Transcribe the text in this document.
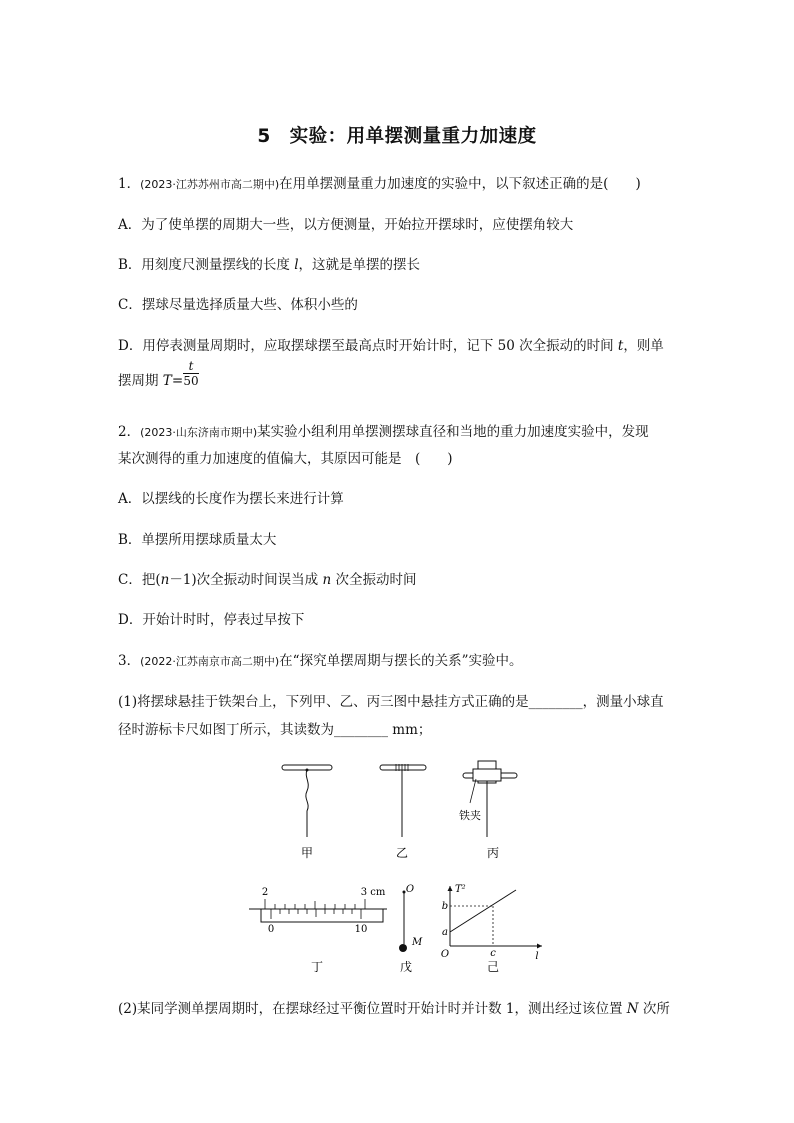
5　实验：用单摆测量重力加速度
1．(2023·江苏苏州市高二期中)在用单摆测量重力加速度的实验中，以下叙述正确的是(　　)
A．为了使单摆的周期大一些，以方便测量，开始拉开摆球时，应使摆角较大
B．用刻度尺测量摆线的长度 l，这就是单摆的摆长
C．摆球尽量选择质量大些、体积小些的
D．用停表测量周期时，应取摆球摆至最高点时开始计时，记下 50 次全振动的时间 t，则单
摆周期 $T= \frac{t}{50}$
2．(2023·山东济南市期中)某实验小组利用单摆测摆球直径和当地的重力加速度实验中，发现
某次测得的重力加速度的值偏大，其原因可能是　(　　)
A．以摆线的长度作为摆长来进行计算
B．单摆所用摆球质量太大
C．把(n－1)次全振动时间误当成 n 次全振动时间
D．开始计时时，停表过早按下
3．(2022·江苏南京市高二期中)在“探究单摆周期与摆长的关系”实验中。
(1)将摆球悬挂于铁架台上，下列甲、乙、丙三图中悬挂方式正确的是________，测量小球直
径时游标卡尺如图丁所示，其读数为________ mm；
甲	乙
铁夹
丙
2	3 cm
0	10
丁
O
M
戊
T²
b
a
O	c	l
己
(2)某同学测单摆周期时，在摆球经过平衡位置时开始计时并计数 1，测出经过该位置 N 次所
